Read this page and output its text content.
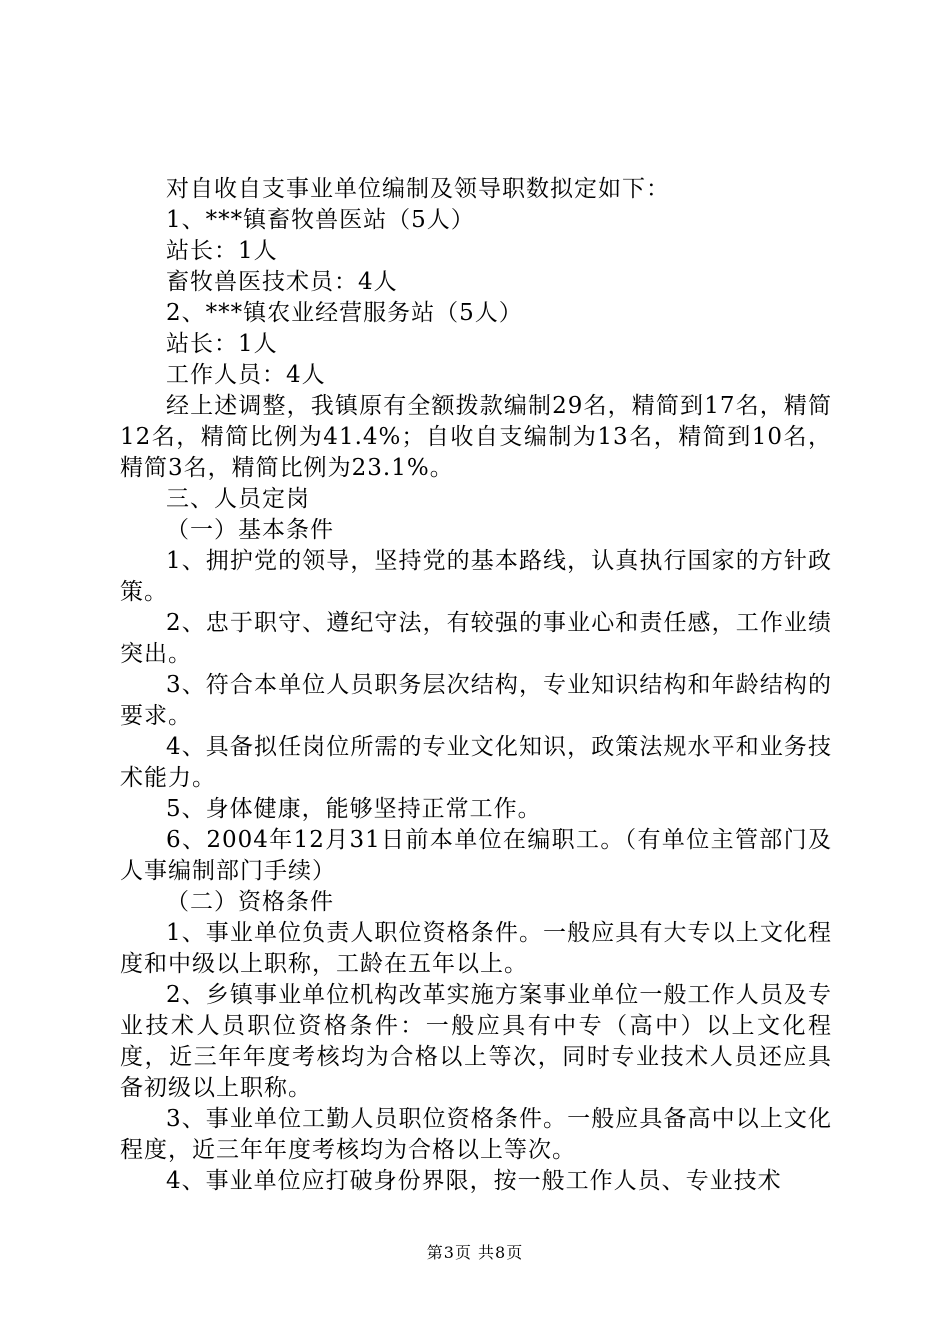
对自收自支事业单位编制及领导职数拟定如下：

1、***镇畜牧兽医站（5人）

站长：1人

畜牧兽医技术员：4人

2、***镇农业经营服务站（5人）

站长：1人

工作人员：4人

经上述调整，我镇原有全额拨款编制29名，精简到17名，精简12名，精简比例为41.4%；自收自支编制为13名，精简到10名，精简3名，精简比例为23.1%。

三、人员定岗

（一）基本条件

1、拥护党的领导，坚持党的基本路线，认真执行国家的方针政策。

2、忠于职守、遵纪守法，有较强的事业心和责任感，工作业绩突出。

3、符合本单位人员职务层次结构，专业知识结构和年龄结构的要求。

4、具备拟任岗位所需的专业文化知识，政策法规水平和业务技术能力。

5、身体健康，能够坚持正常工作。

6、2004年12月31日前本单位在编职工。（有单位主管部门及人事编制部门手续）

（二）资格条件

1、事业单位负责人职位资格条件。一般应具有大专以上文化程度和中级以上职称，工龄在五年以上。

2、乡镇事业单位机构改革实施方案事业单位一般工作人员及专业技术人员职位资格条件：一般应具有中专（高中）以上文化程度，近三年年度考核均为合格以上等次，同时专业技术人员还应具备初级以上职称。

3、事业单位工勤人员职位资格条件。一般应具备高中以上文化程度，近三年年度考核均为合格以上等次。

4、事业单位应打破身份界限，按一般工作人员、专业技术

第3页 共8页
